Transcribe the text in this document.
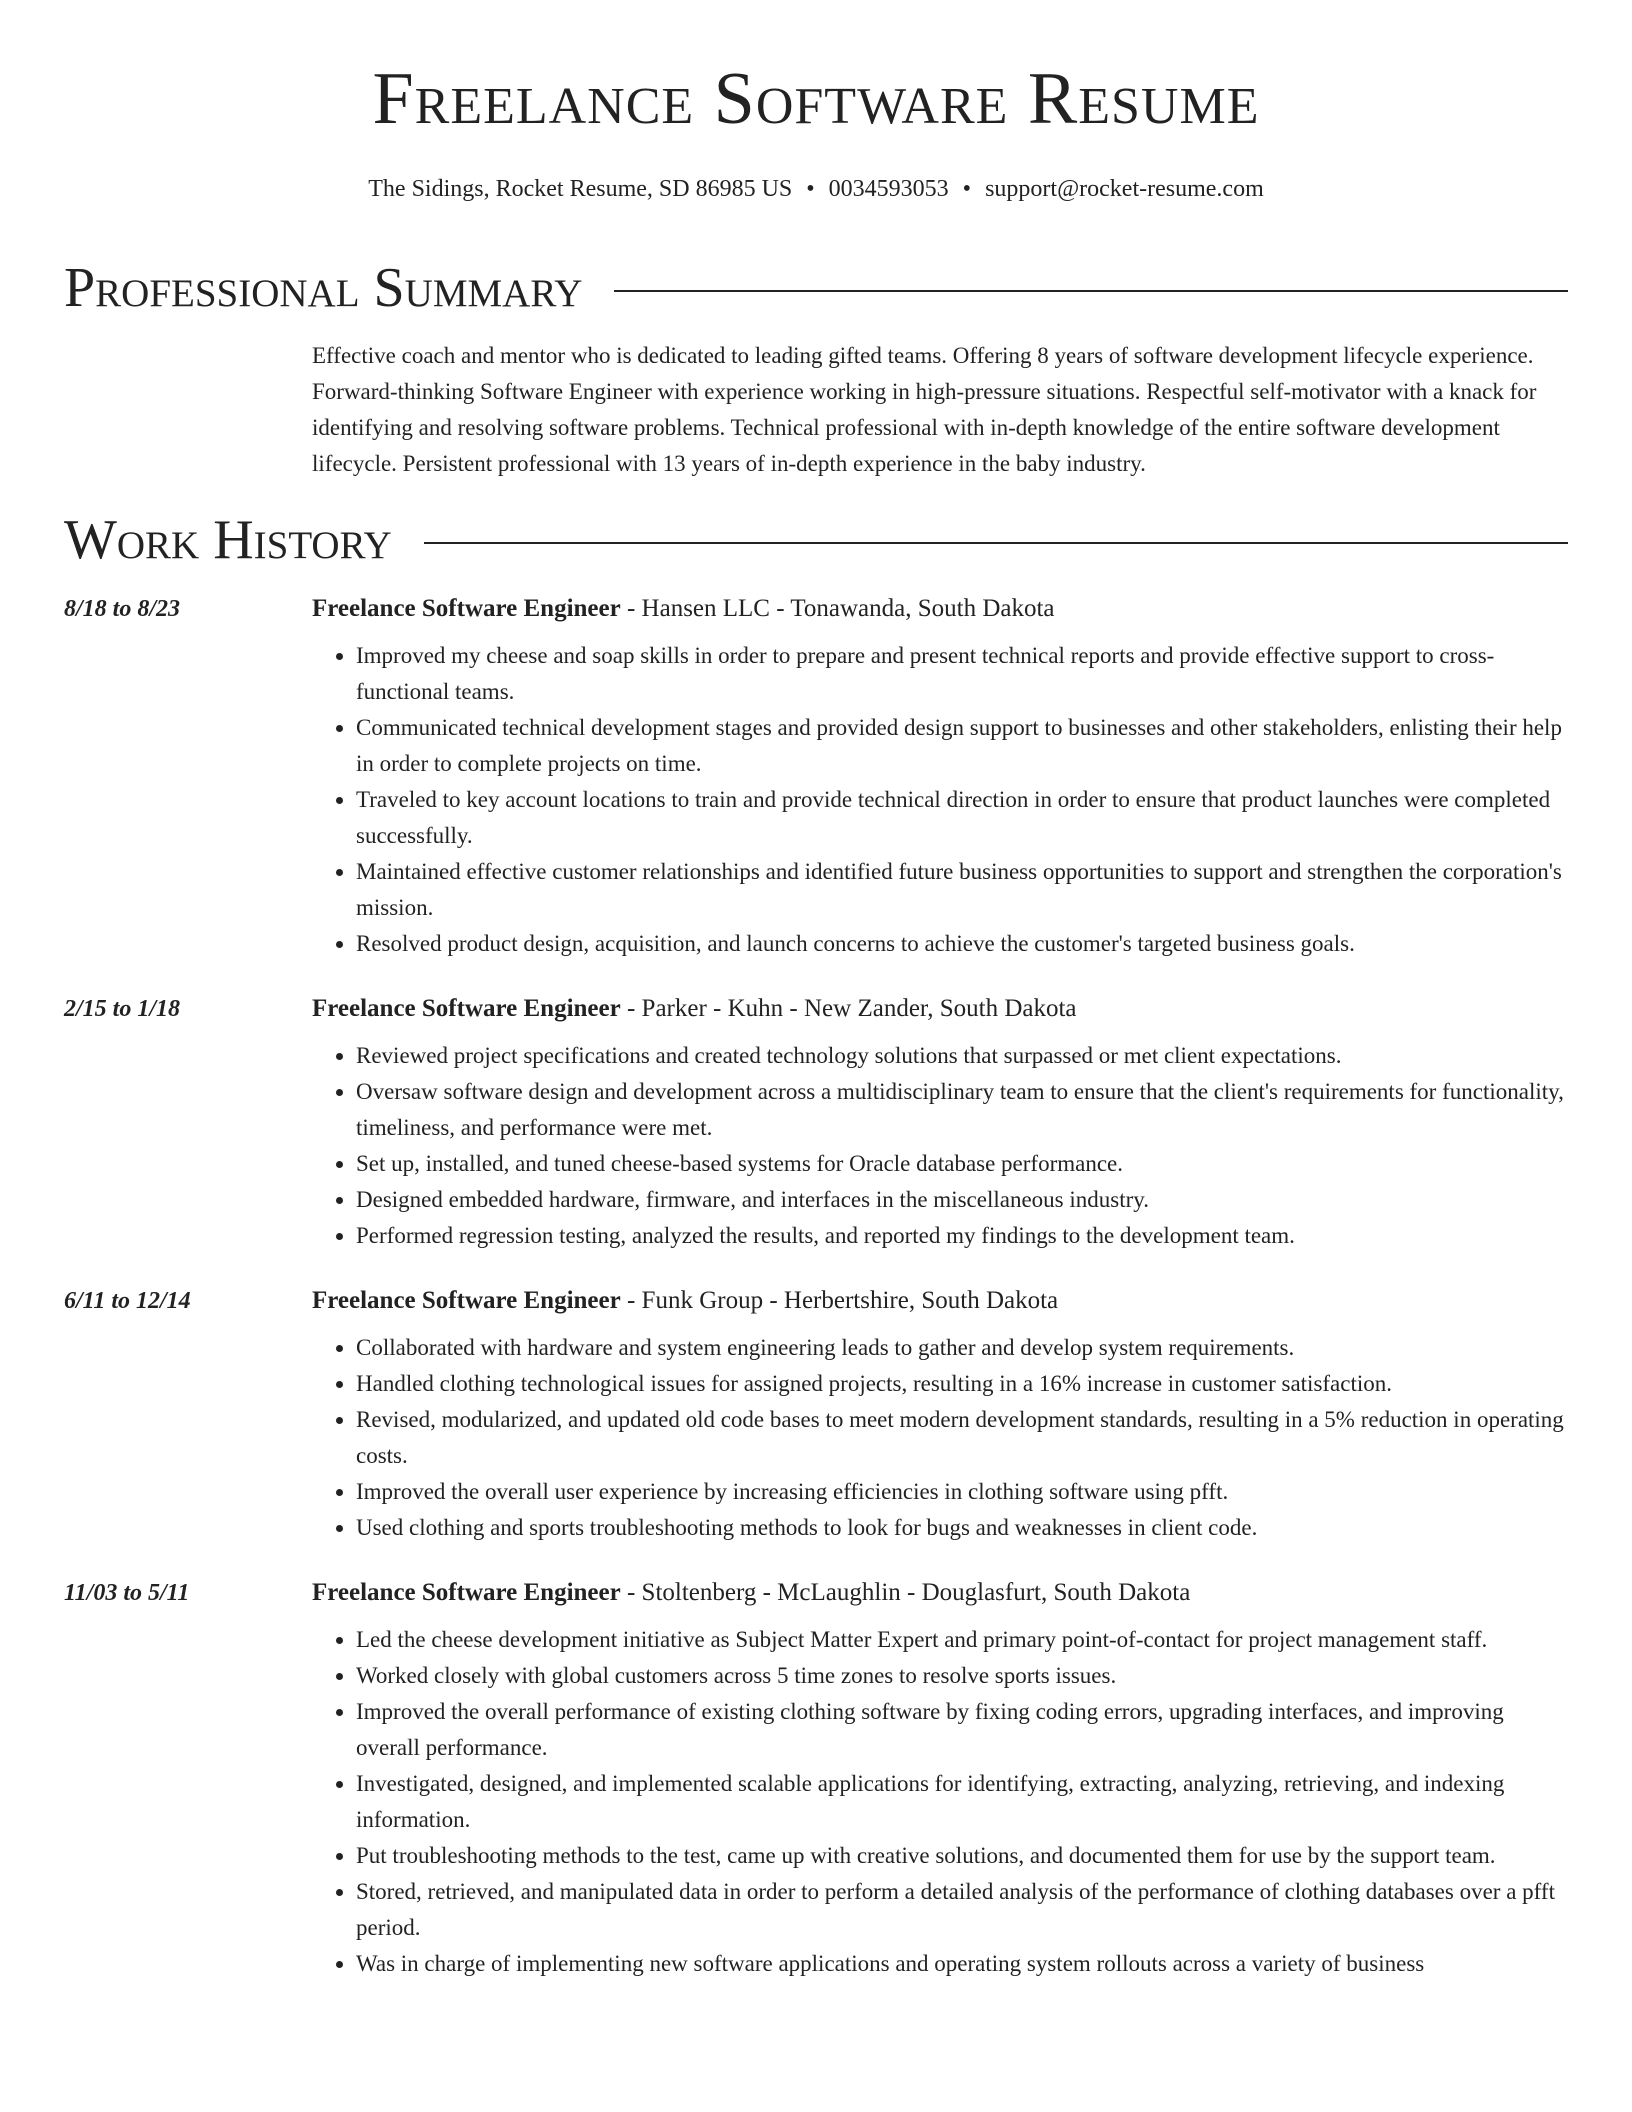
Freelance Software Resume
The Sidings, Rocket Resume, SD 86985 US • 0034593053 • support@rocket-resume.com
Professional Summary

Effective coach and mentor who is dedicated to leading gifted teams. Offering 8 years of software development lifecycle experience. Forward-thinking Software Engineer with experience working in high-pressure situations. Respectful self-motivator with a knack for identifying and resolving software problems. Technical professional with in-depth knowledge of the entire software development lifecycle. Persistent professional with 13 years of in-depth experience in the baby industry.

Work History
8/18 to 8/23	Freelance Software Engineer - Hansen LLC - Tonawanda, South Dakota
• Improved my cheese and soap skills in order to prepare and present technical reports and provide effective support to cross-functional teams.
• Communicated technical development stages and provided design support to businesses and other stakeholders, enlisting their help in order to complete projects on time.
• Traveled to key account locations to train and provide technical direction in order to ensure that product launches were completed successfully.
• Maintained effective customer relationships and identified future business opportunities to support and strengthen the corporation's mission.
• Resolved product design, acquisition, and launch concerns to achieve the customer's targeted business goals.
2/15 to 1/18	Freelance Software Engineer - Parker - Kuhn - New Zander, South Dakota
• Reviewed project specifications and created technology solutions that surpassed or met client expectations.
• Oversaw software design and development across a multidisciplinary team to ensure that the client's requirements for functionality, timeliness, and performance were met.
• Set up, installed, and tuned cheese-based systems for Oracle database performance.
• Designed embedded hardware, firmware, and interfaces in the miscellaneous industry.
• Performed regression testing, analyzed the results, and reported my findings to the development team.
6/11 to 12/14	Freelance Software Engineer - Funk Group - Herbertshire, South Dakota
• Collaborated with hardware and system engineering leads to gather and develop system requirements.
• Handled clothing technological issues for assigned projects, resulting in a 16% increase in customer satisfaction.
• Revised, modularized, and updated old code bases to meet modern development standards, resulting in a 5% reduction in operating costs.
• Improved the overall user experience by increasing efficiencies in clothing software using pfft.
• Used clothing and sports troubleshooting methods to look for bugs and weaknesses in client code.
11/03 to 5/11	Freelance Software Engineer - Stoltenberg - McLaughlin - Douglasfurt, South Dakota
• Led the cheese development initiative as Subject Matter Expert and primary point-of-contact for project management staff.
• Worked closely with global customers across 5 time zones to resolve sports issues.
• Improved the overall performance of existing clothing software by fixing coding errors, upgrading interfaces, and improving overall performance.
• Investigated, designed, and implemented scalable applications for identifying, extracting, analyzing, retrieving, and indexing information.
• Put troubleshooting methods to the test, came up with creative solutions, and documented them for use by the support team.
• Stored, retrieved, and manipulated data in order to perform a detailed analysis of the performance of clothing databases over a pfft period.
• Was in charge of implementing new software applications and operating system rollouts across a variety of business
